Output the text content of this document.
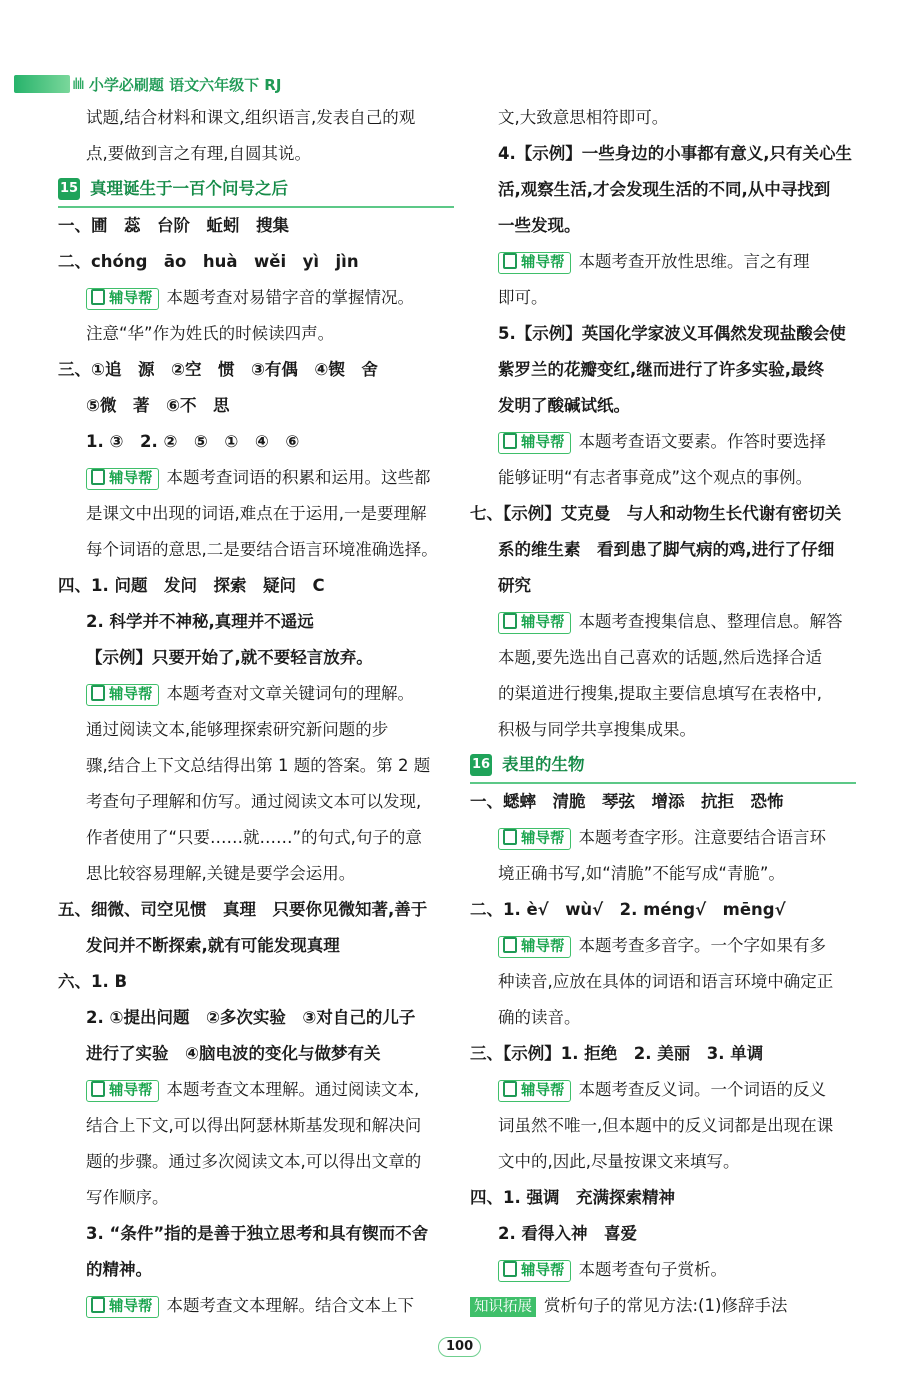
ılılı 小学必刷题 语文六年级下 RJ
试题,结合材料和课文,组织语言,发表自己的观
点,要做到言之有理,自圆其说。
15 真理诞生于一百个问号之后
一、圃　蕊　台阶　蚯蚓　搜集
二、chóng　āo　huà　wěi　yì　jìn
辅导帮 本题考查对易错字音的掌握情况。
注意“华”作为姓氏的时候读四声。
三、①追　源　②空　惯　③有偶　④锲　舍
⑤微　著　⑥不　思
1. ③　2. ②　⑤　①　④　⑥
辅导帮 本题考查词语的积累和运用。这些都
是课文中出现的词语,难点在于运用,一是要理解
每个词语的意思,二是要结合语言环境准确选择。
四、1. 问题　发问　探索　疑问　C
2. 科学并不神秘,真理并不遥远
【示例】只要开始了,就不要轻言放弃。
辅导帮 本题考查对文章关键词句的理解。
通过阅读文本,能够理探索研究新问题的步
骤,结合上下文总结得出第 1 题的答案。第 2 题
考查句子理解和仿写。通过阅读文本可以发现,
作者使用了“只要……就……”的句式,句子的意
思比较容易理解,关键是要学会运用。
五、细微、司空见惯　真理　只要你见微知著,善于
发问并不断探索,就有可能发现真理
六、1. B
2. ①提出问题　②多次实验　③对自己的儿子
进行了实验　④脑电波的变化与做梦有关
辅导帮 本题考查文本理解。通过阅读文本,
结合上下文,可以得出阿瑟林斯基发现和解决问
题的步骤。通过多次阅读文本,可以得出文章的
写作顺序。
3. “条件”指的是善于独立思考和具有锲而不舍
的精神。
辅导帮 本题考查文本理解。结合文本上下
文,大致意思相符即可。
4.【示例】一些身边的小事都有意义,只有关心生
活,观察生活,才会发现生活的不同,从中寻找到
一些发现。
辅导帮 本题考查开放性思维。言之有理
即可。
5.【示例】英国化学家波义耳偶然发现盐酸会使
紫罗兰的花瓣变红,继而进行了许多实验,最终
发明了酸碱试纸。
辅导帮 本题考查语文要素。作答时要选择
能够证明“有志者事竟成”这个观点的事例。
七、【示例】艾克曼　与人和动物生长代谢有密切关
系的维生素　看到患了脚气病的鸡,进行了仔细
研究
辅导帮 本题考查搜集信息、整理信息。解答
本题,要先选出自己喜欢的话题,然后选择合适
的渠道进行搜集,提取主要信息填写在表格中,
积极与同学共享搜集成果。
16 表里的生物
一、蟋蟀　清脆　琴弦　增添　抗拒　恐怖
辅导帮 本题考查字形。注意要结合语言环
境正确书写,如“清脆”不能写成“青脆”。
二、1. è√　wù√　2. méng√　mēng√
辅导帮 本题考查多音字。一个字如果有多
种读音,应放在具体的词语和语言环境中确定正
确的读音。
三、【示例】1. 拒绝　2. 美丽　3. 单调
辅导帮 本题考查反义词。一个词语的反义
词虽然不唯一,但本题中的反义词都是出现在课
文中的,因此,尽量按课文来填写。
四、1. 强调　充满探索精神
2. 看得入神　喜爱
辅导帮 本题考查句子赏析。
知识拓展 赏析句子的常见方法:(1)修辞手法
100
